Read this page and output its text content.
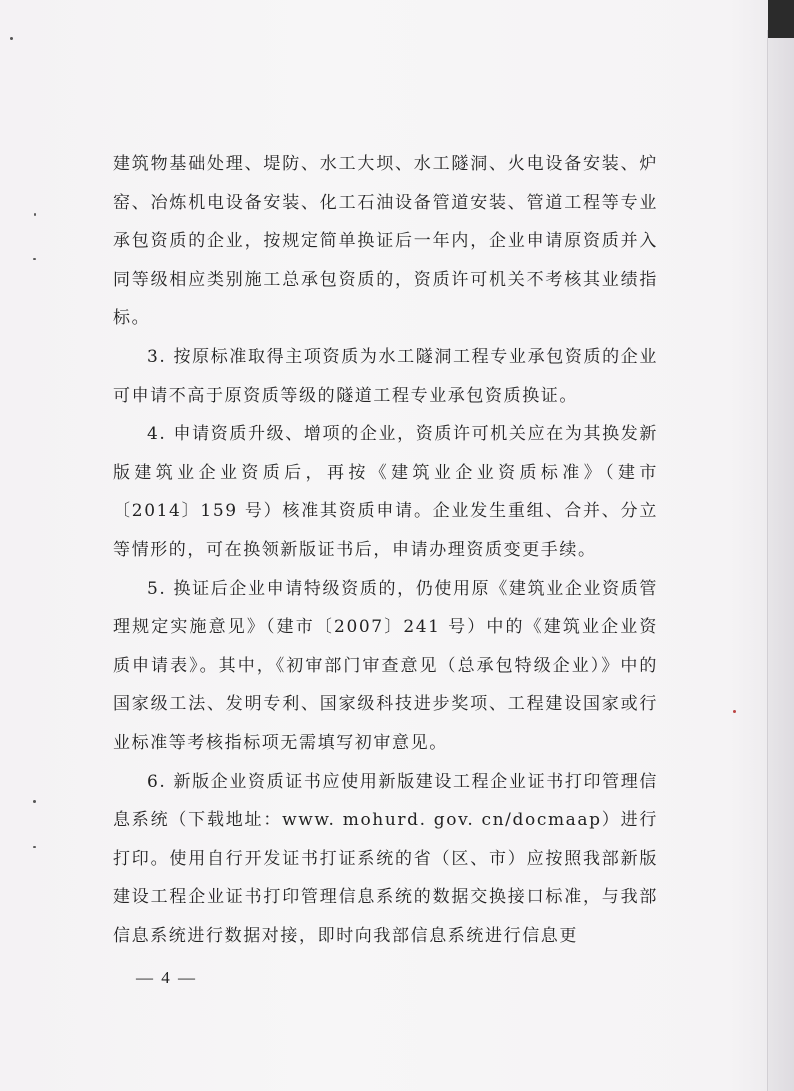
建筑物基础处理、堤防、水工大坝、水工隧洞、火电设备安装、炉窑、冶炼机电设备安装、化工石油设备管道安装、管道工程等专业承包资质的企业，按规定简单换证后一年内，企业申请原资质并入同等级相应类别施工总承包资质的，资质许可机关不考核其业绩指标。

3. 按原标准取得主项资质为水工隧洞工程专业承包资质的企业可申请不高于原资质等级的隧道工程专业承包资质换证。

4. 申请资质升级、增项的企业，资质许可机关应在为其换发新版建筑业企业资质后，再按《建筑业企业资质标准》（建市〔2014〕159 号）核准其资质申请。企业发生重组、合并、分立等情形的，可在换领新版证书后，申请办理资质变更手续。

5. 换证后企业申请特级资质的，仍使用原《建筑业企业资质管理规定实施意见》（建市〔2007〕241 号）中的《建筑业企业资质申请表》。其中，《初审部门审查意见（总承包特级企业）》中的国家级工法、发明专利、国家级科技进步奖项、工程建设国家或行业标准等考核指标项无需填写初审意见。

6. 新版企业资质证书应使用新版建设工程企业证书打印管理信息系统（下载地址：www. mohurd. gov. cn/docmaap）进行打印。使用自行开发证书打证系统的省（区、市）应按照我部新版建设工程企业证书打印管理信息系统的数据交换接口标准，与我部信息系统进行数据对接，即时向我部信息系统进行信息更

— 4 —
